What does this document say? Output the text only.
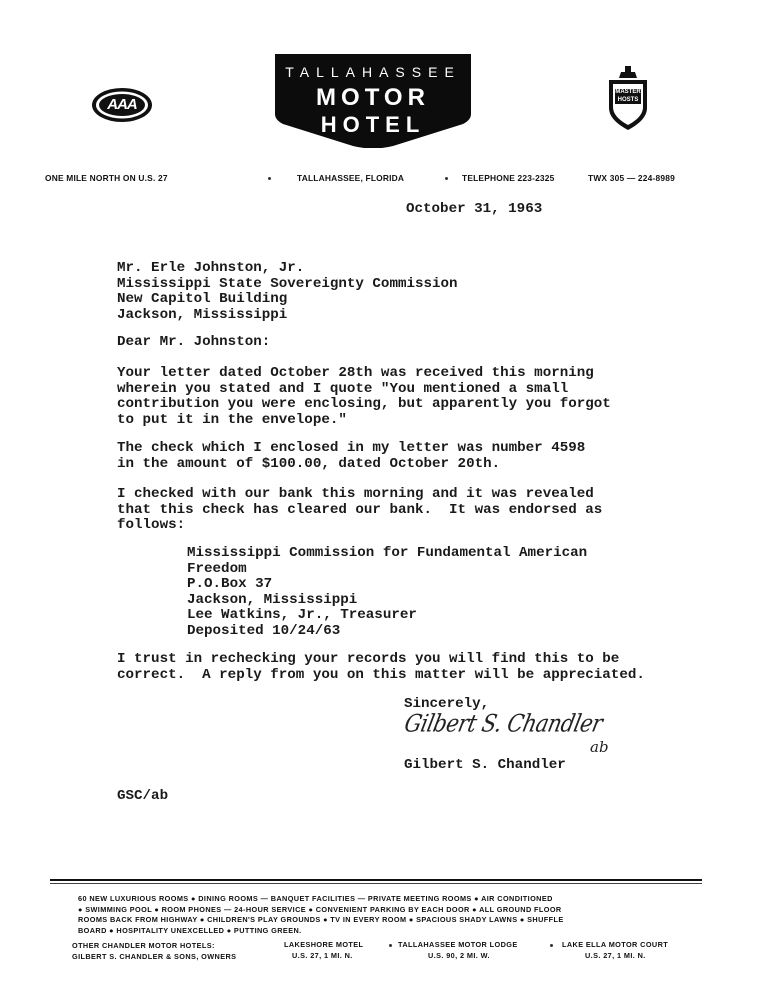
AAA
TALLAHASSEE
MOTOR
HOTEL
MASTER HOSTS
ONE MILE NORTH ON U.S. 27	TALLAHASSEE, FLORIDA	TELEPHONE 223-2325	TWX 305 — 224-8989
October 31, 1963
Mr. Erle Johnston, Jr.
Mississippi State Sovereignty Commission
New Capitol Building
Jackson, Mississippi
Dear Mr. Johnston:
Your letter dated October 28th was received this morning
wherein you stated and I quote "You mentioned a small
contribution you were enclosing, but apparently you forgot
to put it in the envelope."
The check which I enclosed in my letter was number 4598
in the amount of $100.00, dated October 20th.
I checked with our bank this morning and it was revealed
that this check has cleared our bank.  It was endorsed as
follows:
Mississippi Commission for Fundamental American
Freedom
P.O.Box 37
Jackson, Mississippi
Lee Watkins, Jr., Treasurer
Deposited 10/24/63
I trust in rechecking your records you will find this to be
correct.  A reply from you on this matter will be appreciated.
Sincerely,
Gilbert S. Chandler
ab
Gilbert S. Chandler
GSC/ab
60 NEW LUXURIOUS ROOMS ● DINING ROOMS — BANQUET FACILITIES — PRIVATE MEETING ROOMS ● AIR CONDITIONED
● SWIMMING POOL ● ROOM PHONES — 24-HOUR SERVICE ● CONVENIENT PARKING BY EACH DOOR ● ALL GROUND FLOOR
ROOMS BACK FROM HIGHWAY ● CHILDREN'S PLAY GROUNDS ● TV IN EVERY ROOM ● SPACIOUS SHADY LAWNS ● SHUFFLE
BOARD ● HOSPITALITY UNEXCELLED ● PUTTING GREEN.
OTHER CHANDLER MOTOR HOTELS:
GILBERT S. CHANDLER & SONS, OWNERS
LAKESHORE MOTEL	TALLAHASSEE MOTOR LODGE	LAKE ELLA MOTOR COURT
U.S. 27, 1 MI. N.	U.S. 90, 2 MI. W.	U.S. 27, 1 MI. N.
